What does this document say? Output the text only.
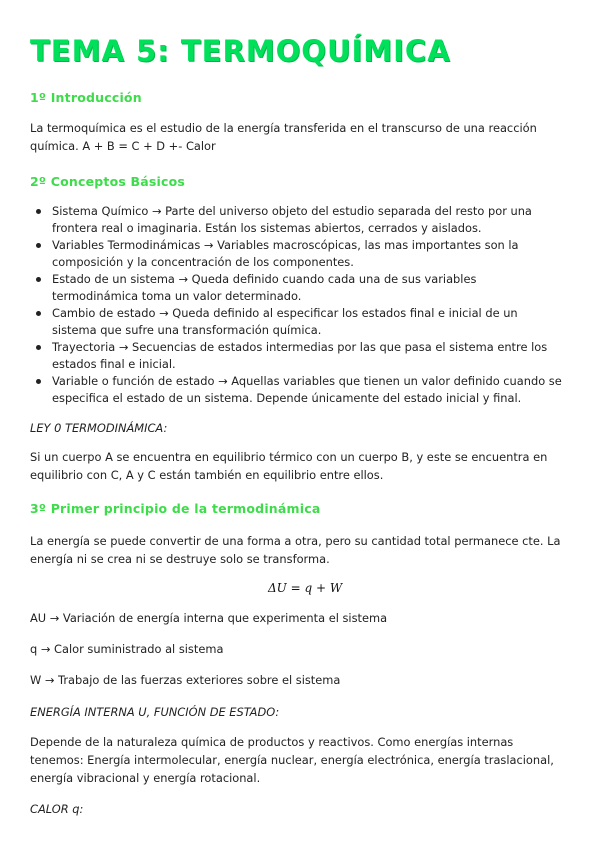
TEMA 5: TERMOQUÍMICA
1º Introducción

La termoquímica es el estudio de la energía transferida en el transcurso de una reacción química. A + B = C + D +- Calor

2º Conceptos Básicos
Sistema Químico → Parte del universo objeto del estudio separada del resto por una frontera real o imaginaria. Están los sistemas abiertos, cerrados y aislados.
Variables Termodinámicas → Variables macroscópicas, las mas importantes son la composición y la concentración de los componentes.
Estado de un sistema → Queda definido cuando cada una de sus variables termodinámica toma un valor determinado.
Cambio de estado → Queda definido al especificar los estados final e inicial de un sistema que sufre una transformación química.
Trayectoria → Secuencias de estados intermedias por las que pasa el sistema entre los estados final e inicial.
Variable o función de estado → Aquellas variables que tienen un valor definido cuando se especifica el estado de un sistema. Depende únicamente del estado inicial y final.

LEY 0 TERMODINÁMICA:

Si un cuerpo A se encuentra en equilibrio térmico con un cuerpo B, y este se encuentra en equilibrio con C, A y C están también en equilibrio entre ellos.

3º Primer principio de la termodinámica

La energía se puede convertir de una forma a otra, pero su cantidad total permanece cte. La energía ni se crea ni se destruye solo se transforma.

ΔU = q + W

AU → Variación de energía interna que experimenta el sistema

q → Calor suministrado al sistema

W → Trabajo de las fuerzas exteriores sobre el sistema

ENERGÍA INTERNA U, FUNCIÓN DE ESTADO:

Depende de la naturaleza química de productos y reactivos. Como energías internas tenemos: Energía intermolecular, energía nuclear, energía electrónica, energía traslacional, energía vibracional y energía rotacional.

CALOR q:
